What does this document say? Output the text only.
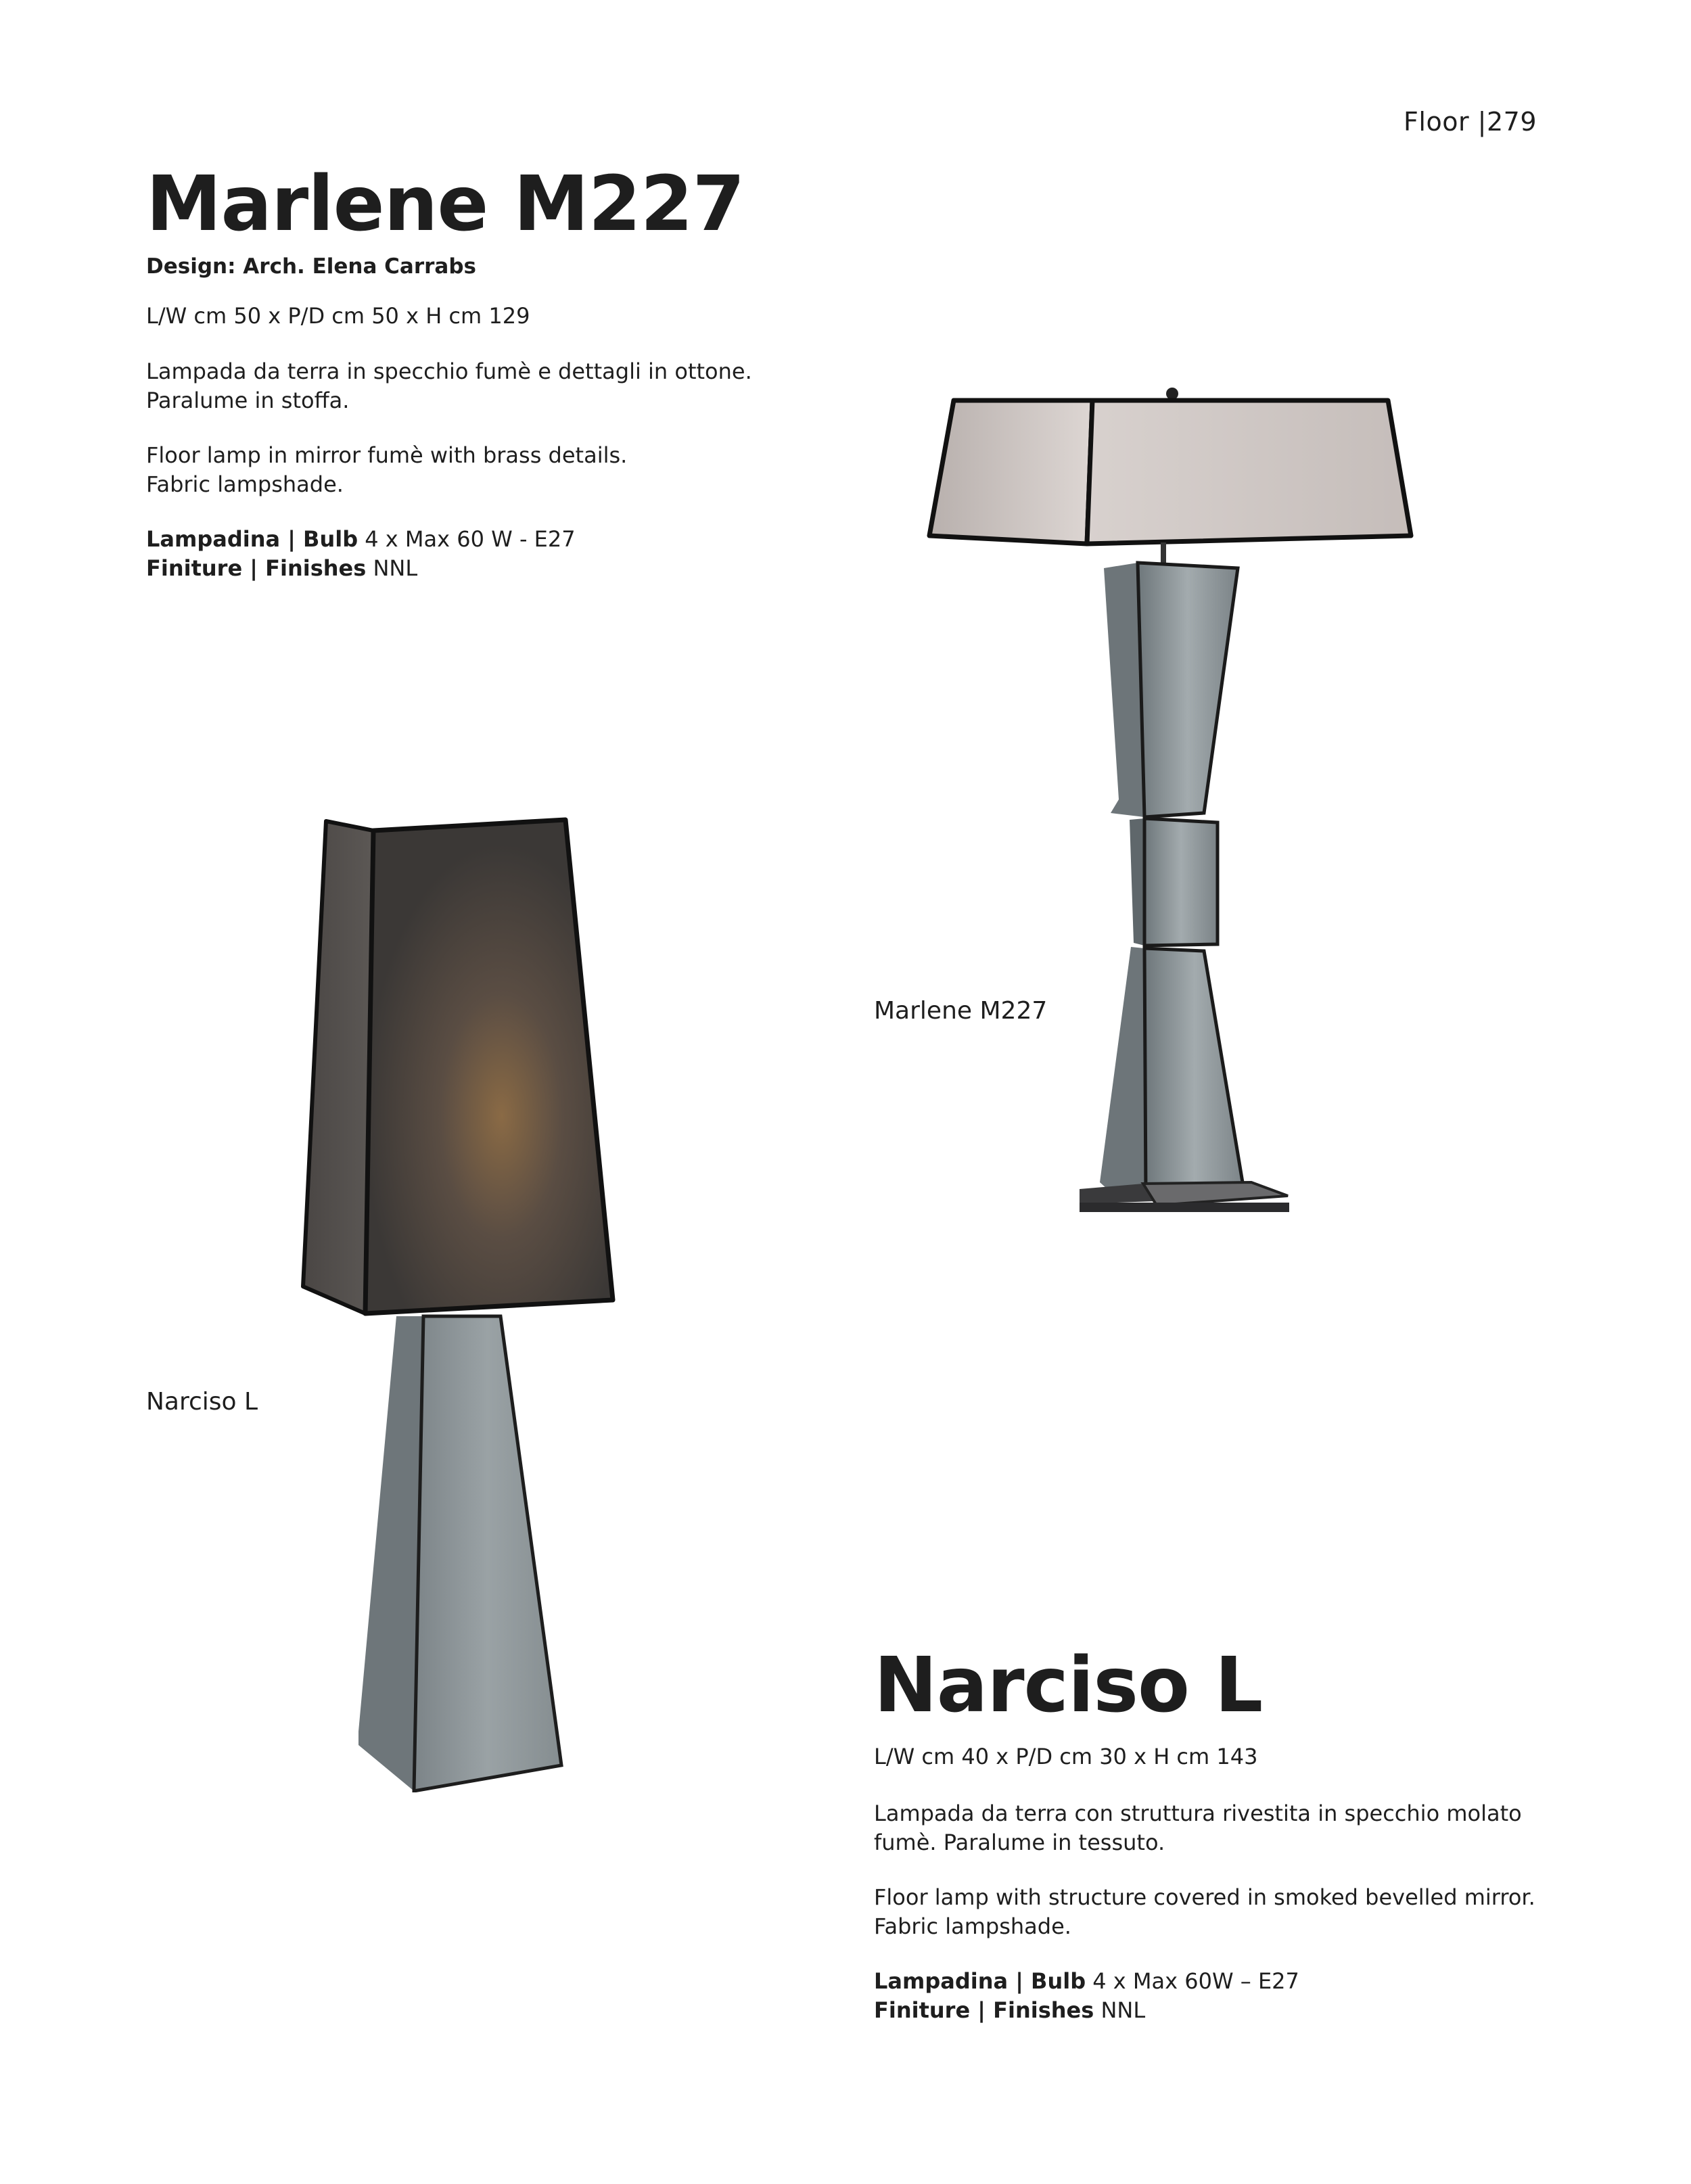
Floor |279
Marlene M227
Design: Arch. Elena Carrabs

L/W cm 50 x P/D cm 50 x H cm 129

Lampada da terra in specchio fumè e dettagli in ottone.

Paralume in stoffa.

Floor lamp in mirror fumè with brass details.

Fabric lampshade.

Lampadina | Bulb 4 x Max 60 W - E27

Finiture | Finishes NNL

Marlene M227
Narciso L
Narciso L

L/W cm 40 x P/D cm 30 x H cm 143

Lampada da terra con struttura rivestita in specchio molato

fumè. Paralume in tessuto.

Floor lamp with structure covered in smoked bevelled mirror.

Fabric lampshade.

Lampadina | Bulb 4 x Max 60W – E27

Finiture | Finishes NNL
